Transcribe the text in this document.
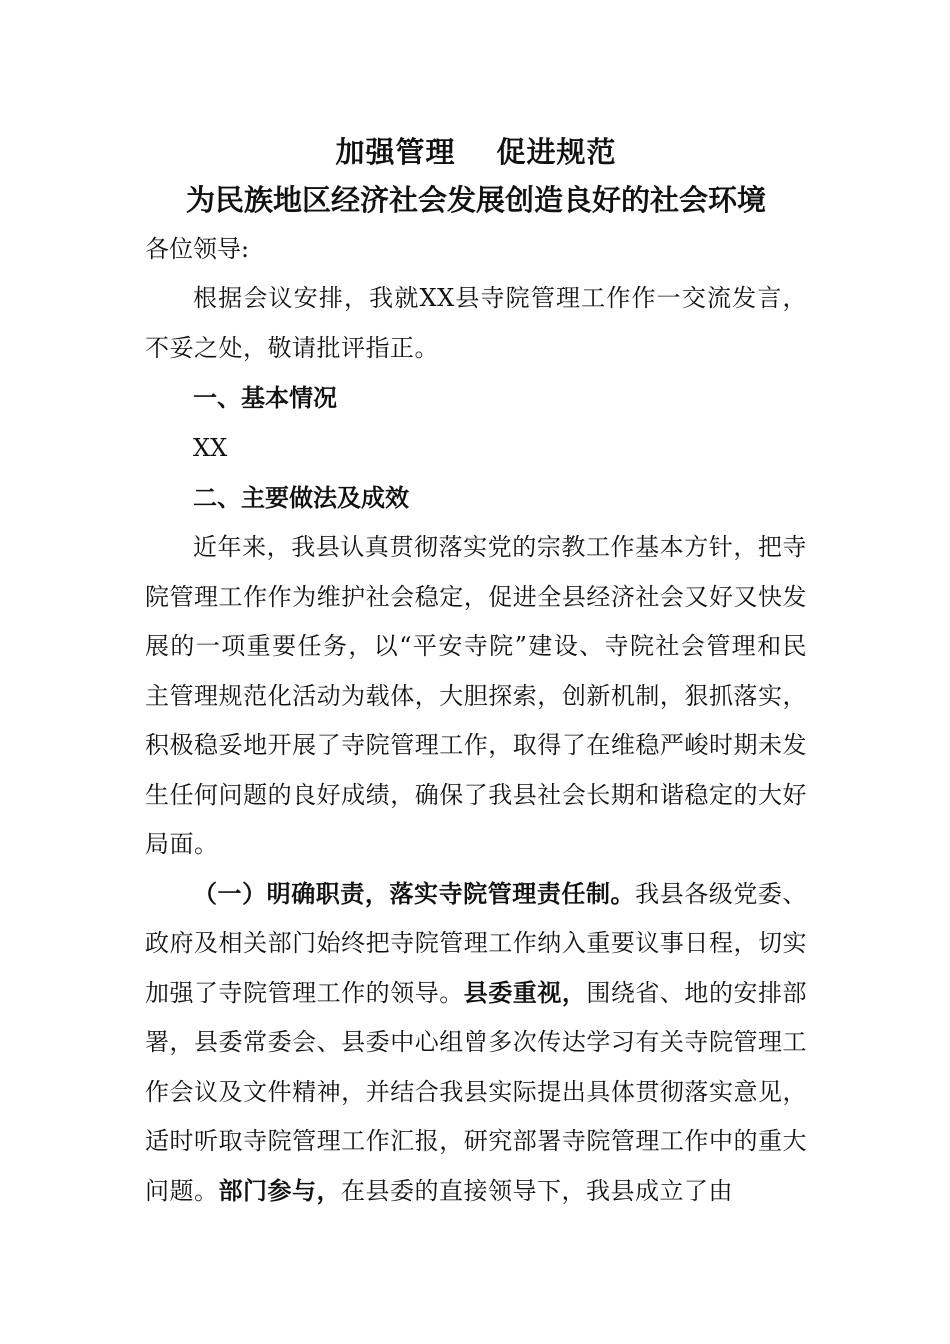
加强管理　 促进规范

为民族地区经济社会发展创造良好的社会环境

各位领导:

根据会议安排，我就XX县寺院管理工作作一交流发言，不妥之处，敬请批评指正。

一、基本情况

XX

二、主要做法及成效

近年来，我县认真贯彻落实党的宗教工作基本方针，把寺院管理工作作为维护社会稳定，促进全县经济社会又好又快发展的一项重要任务，以“平安寺院”建设、寺院社会管理和民主管理规范化活动为载体，大胆探索，创新机制，狠抓落实，积极稳妥地开展了寺院管理工作，取得了在维稳严峻时期未发生任何问题的良好成绩，确保了我县社会长期和谐稳定的大好局面。

（一）明确职责，落实寺院管理责任制。我县各级党委、政府及相关部门始终把寺院管理工作纳入重要议事日程，切实加强了寺院管理工作的领导。县委重视，围绕省、地的安排部署，县委常委会、县委中心组曾多次传达学习有关寺院管理工作会议及文件精神，并结合我县实际提出具体贯彻落实意见，适时听取寺院管理工作汇报，研究部署寺院管理工作中的重大问题。部门参与，在县委的直接领导下，我县成立了由
